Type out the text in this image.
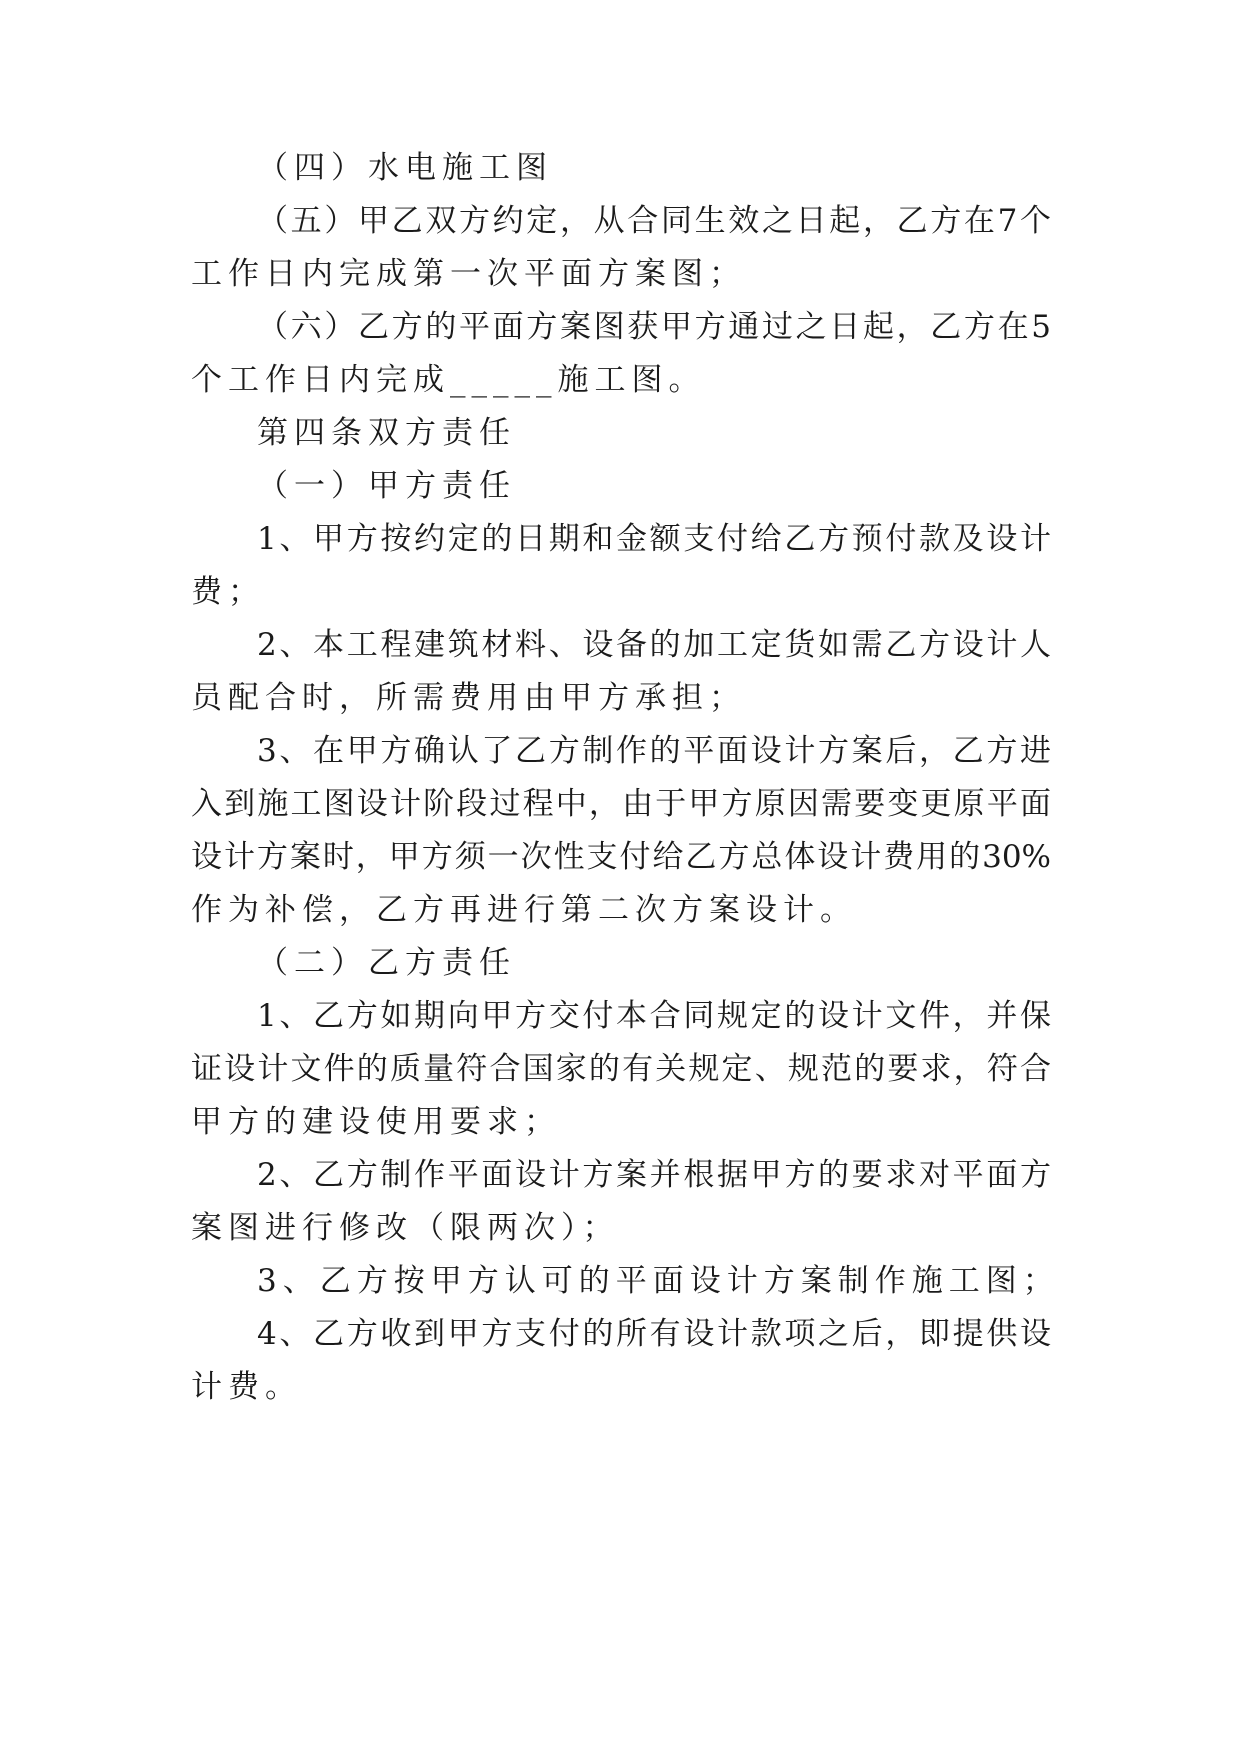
（四）水电施工图
（五）甲乙双方约定，从合同生效之日起，乙方在7个
工作日内完成第一次平面方案图；
（六）乙方的平面方案图获甲方通过之日起，乙方在5
个工作日内完成_____施工图。
第四条双方责任
（一）甲方责任
1、甲方按约定的日期和金额支付给乙方预付款及设计
费；
2、本工程建筑材料、设备的加工定货如需乙方设计人
员配合时，所需费用由甲方承担；
3、在甲方确认了乙方制作的平面设计方案后，乙方进
入到施工图设计阶段过程中，由于甲方原因需要变更原平面
设计方案时，甲方须一次性支付给乙方总体设计费用的30%
作为补偿，乙方再进行第二次方案设计。
（二）乙方责任
1、乙方如期向甲方交付本合同规定的设计文件，并保
证设计文件的质量符合国家的有关规定、规范的要求，符合
甲方的建设使用要求；
2、乙方制作平面设计方案并根据甲方的要求对平面方
案图进行修改（限两次）；
3、乙方按甲方认可的平面设计方案制作施工图；
4、乙方收到甲方支付的所有设计款项之后，即提供设
计费。
